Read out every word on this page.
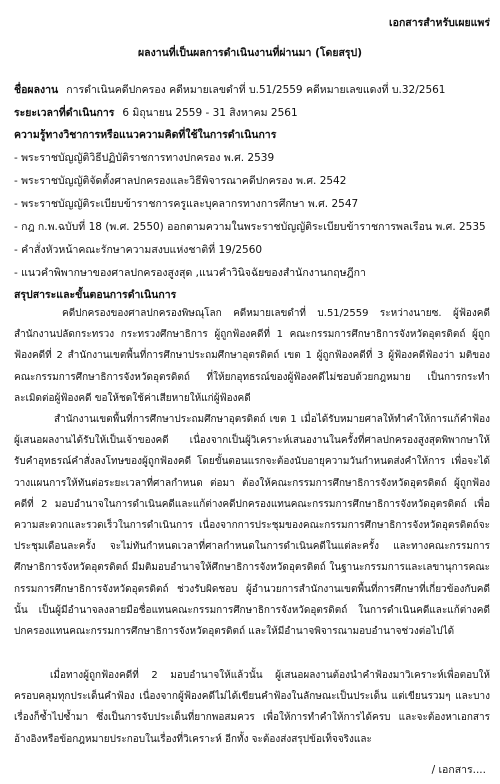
เอกสารสำหรับเผยแพร่
ผลงานที่เป็นผลการดำเนินงานที่ผ่านมา (โดยสรุป)
ชื่อผลงาน การดำเนินคดีปกครอง คดีหมายเลขดำที่ บ.51/2559 คดีหมายเลขแดงที่ บ.32/2561
ระยะเวลาที่ดำเนินการ 6 มิถุนายน 2559 - 31 สิงหาคม 2561
ความรู้ทางวิชาการหรือแนวความคิดที่ใช้ในการดำเนินการ
- พระราชบัญญัติวิธีปฏิบัติราชการทางปกครอง พ.ศ. 2539
- พระราชบัญญัติจัดตั้งศาลปกครองและวิธีพิจารณาคดีปกครอง พ.ศ. 2542
- พระราชบัญญัติระเบียบข้าราชการครูและบุคลากรทางการศึกษา พ.ศ. 2547
- กฎ ก.พ.ฉบับที่ 18 (พ.ศ. 2550) ออกตามความในพระราชบัญญัติระเบียบข้าราชการพลเรือน พ.ศ. 2535
- คำสั่งหัวหน้าคณะรักษาความสงบแห่งชาติที่ 19/2560
- แนวคำพิพากษาของศาลปกครองสูงสุด ,แนวคำวินิจฉัยของสำนักงานกฤษฎีกา
สรุปสาระและขั้นตอนการดำเนินการ

คดีปกครองของศาลปกครองพิษณุโลก คดีหมายเลขดำที่ บ.51/2559 ระหว่างนายซ. ผู้ฟ้องคดี สำนักงานปลัดกระทรวง กระทรวงศึกษาธิการ ผู้ถูกฟ้องคดีที่ 1 คณะกรรมการศึกษาธิการจังหวัดอุตรดิตถ์ ผู้ถูกฟ้องคดีที่ 2 สำนักงานเขตพื้นที่การศึกษาประถมศึกษาอุตรดิตถ์ เขต 1 ผู้ถูกฟ้องคดีที่ 3 ผู้ฟ้องคดีฟ้องว่า มติของคณะกรรมการศึกษาธิการจังหวัดอุตรดิตถ์ ที่ให้ยกอุทธรณ์ของผู้ฟ้องคดีไม่ชอบด้วยกฎหมาย เป็นการกระทำละเมิดต่อผู้ฟ้องคดี ขอให้ชดใช้ค่าเสียหายให้แก่ผู้ฟ้องคดี

สำนักงานเขตพื้นที่การศึกษาประถมศึกษาอุตรดิตถ์ เขต 1 เมื่อได้รับหมายศาลให้ทำคำให้การแก้คำฟ้อง ผู้เสนอผลงานได้รับให้เป็นเจ้าของคดี เนื่องจากเป็นผู้วิเคราะห์เสนองานในครั้งที่ศาลปกครองสูงสุดพิพากษาให้รับคำอุทธรณ์คำสั่งลงโทษของผู้ถูกฟ้องคดี โดยขั้นตอนแรกจะต้องนับอายุความวันกำหนดส่งคำให้การ เพื่อจะได้วางแผนการให้ทันต่อระยะเวลาที่ศาลกำหนด ต่อมา ต้องให้คณะกรรมการศึกษาธิการจังหวัดอุตรดิตถ์ ผู้ถูกฟ้องคดีที่ 2 มอบอำนาจในการดำเนินคดีและแก้ต่างคดีปกครองแทนคณะกรรมการศึกษาธิการจังหวัดอุตรดิตถ์ เพื่อความสะดวกและรวดเร็วในการดำเนินการ เนื่องจากการประชุมของคณะกรรมการศึกษาธิการจังหวัดอุตรดิตถ์จะประชุมเดือนละครั้ง จะไม่ทันกำหนดเวลาที่ศาลกำหนดในการดำเนินคดีในแต่ละครั้ง และทางคณะกรรมการศึกษาธิการจังหวัดอุตรดิตถ์ มีมติมอบอำนาจให้ศึกษาธิการจังหวัดอุตรดิตถ์ ในฐานะกรรมการและเลขานุการคณะกรรมการศึกษาธิการจังหวัดอุตรดิตถ์ ช่วงรับผิดชอบ ผู้อำนวยการสำนักงานเขตพื้นที่การศึกษาที่เกี่ยวข้องกับคดีนั้น เป็นผู้มีอำนาจลงลายมือชื่อแทนคณะกรรมการศึกษาธิการจังหวัดอุตรดิตถ์ ในการดำเนินคดีและแก้ต่างคดีปกครองแทนคณะกรรมการศึกษาธิการจังหวัดอุตรดิตถ์ และให้มีอำนาจพิจารณามอบอำนาจช่วงต่อไปได้

เมื่อทางผู้ถูกฟ้องคดีที่ 2 มอบอำนาจให้แล้วนั้น ผู้เสนอผลงานต้องนำคำฟ้องมาวิเคราะห์เพื่อตอบให้ครอบคลุมทุกประเด็นคำฟ้อง เนื่องจากผู้ฟ้องคดีไม่ได้เขียนคำฟ้องในลักษณะเป็นประเด็น แต่เขียนรวมๆ และบางเรื่องก็ซ้ำไปซ้ำมา ซึ่งเป็นการจับประเด็นที่ยากพอสมควร เพื่อให้การทำคำให้การได้ครบ และจะต้องหาเอกสารอ้างอิงหรือข้อกฎหมายประกอบในเรื่องที่วิเคราะห์ อีกทั้ง จะต้องส่งสรุปข้อเท็จจริงและ

/ เอกสาร....
